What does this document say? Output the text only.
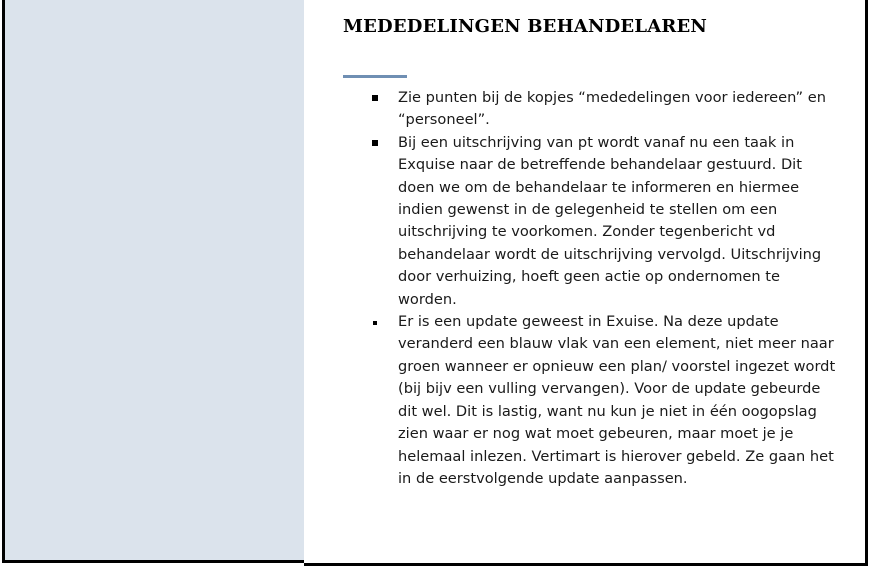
MEDEDELINGEN BEHANDELAREN
Zie punten bij de kopjes “mededelingen voor iedereen” en “personeel”.
Bij een uitschrijving van pt wordt vanaf nu een taak in Exquise naar de betreffende behandelaar gestuurd. Dit doen we om de behandelaar te informeren en hiermee indien gewenst in de gelegenheid te stellen om een uitschrijving te voorkomen. Zonder tegenbericht vd behandelaar wordt de uitschrijving vervolgd. Uitschrijving door verhuizing, hoeft geen actie op ondernomen te worden.
Er is een update geweest in Exuise. Na deze update veranderd een blauw vlak van een element, niet meer naar groen wanneer er opnieuw een plan/ voorstel ingezet wordt (bij bijv een vulling vervangen). Voor de update gebeurde dit wel. Dit is lastig, want nu kun je niet in één oogopslag zien waar er nog wat moet gebeuren, maar moet je je helemaal inlezen. Vertimart is hierover gebeld. Ze gaan het in de eerstvolgende update aanpassen.
